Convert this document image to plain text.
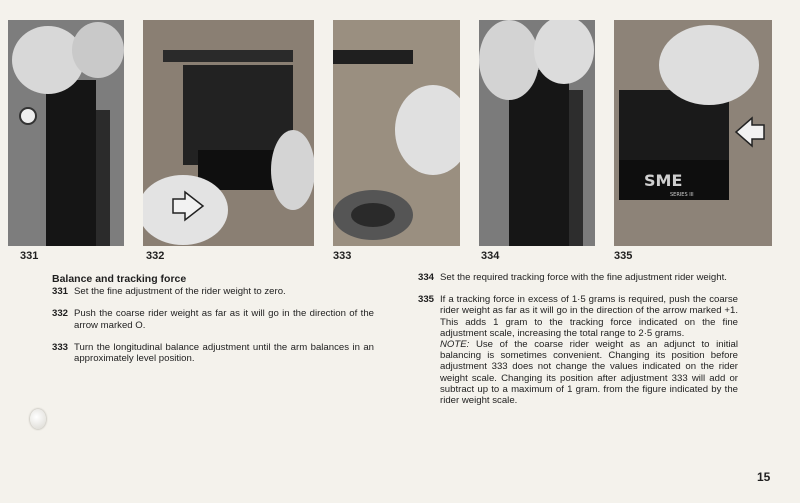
SME
SERIES III
331	332	333	334	335
Balance and tracking force
331 Set the fine adjustment of the rider weight to zero.
332 Push the coarse rider weight as far as it will go in the direction of the arrow marked O.
333 Turn the longitudinal balance adjustment until the arm balances in an approximately level position.
334 Set the required tracking force with the fine adjustment rider weight.
335 If a tracking force in excess of 1·5 grams is required, push the coarse rider weight as far as it will go in the direction of the arrow marked +1. This adds 1 gram to the tracking force indicated on the fine adjustment scale, increasing the total range to 2·5 grams.
NOTE: Use of the coarse rider weight as an adjunct to initial balancing is sometimes convenient. Changing its position before adjustment 333 does not change the values indicated on the rider weight scale. Changing its position after adjustment 333 will add or subtract up to a maximum of 1 gram. from the figure indicated by the rider weight scale.
15
